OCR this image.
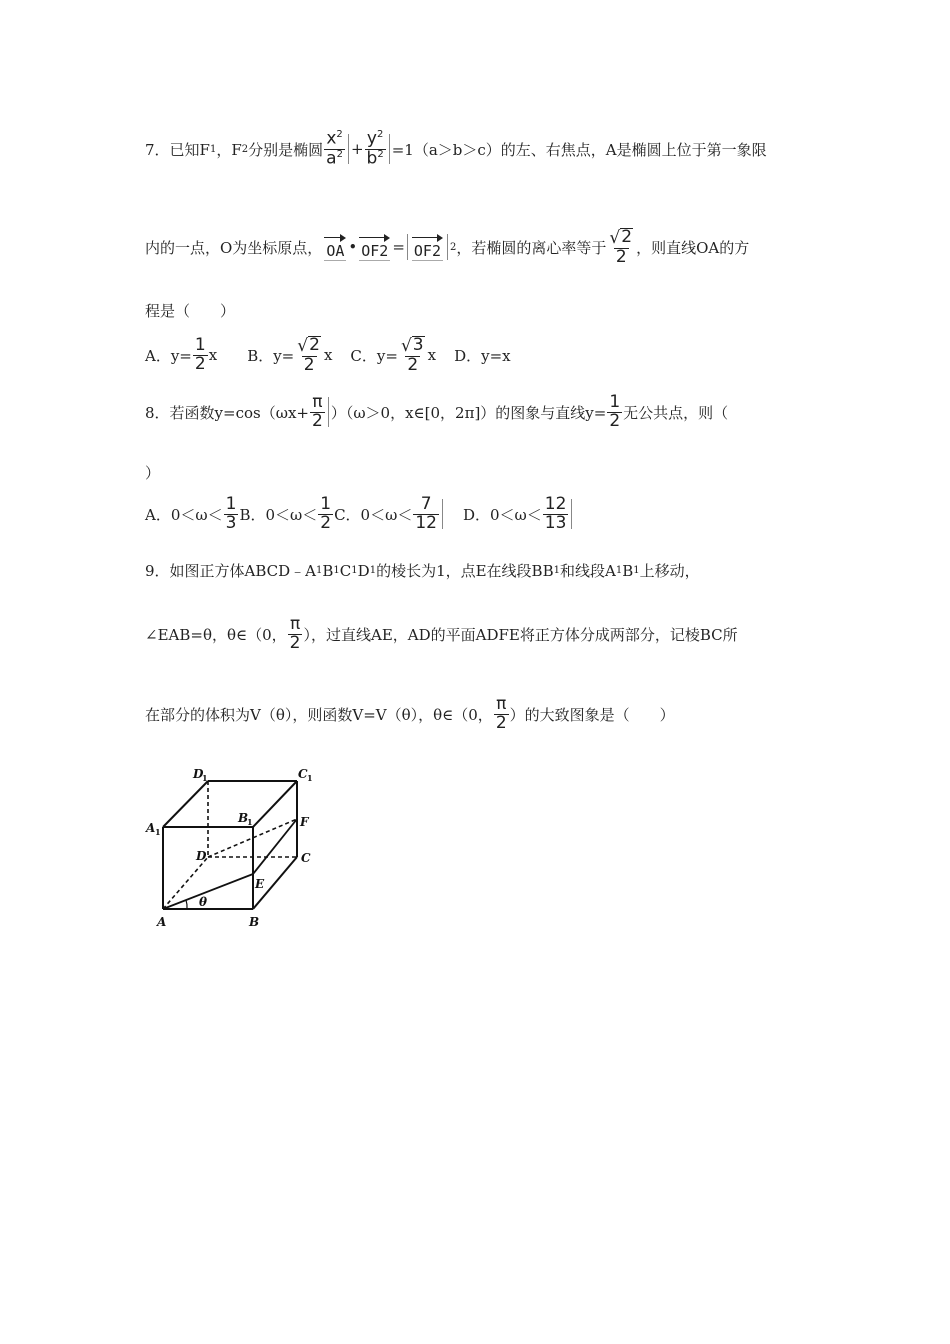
7． 已知F 1 ，F 2 分别是椭圆 $\frac{x^2}{a^2} + \frac{y^2}{b^2} =1(a>b>c)$的左、右焦点，A是椭圆上位于第一象限
内的一点，O为坐标原点， OA • OF2 = OF2 2 ，若椭圆的离心率等于 $\frac{√ 2}{2}$ ，则直线OA的方
程是（　　）
A．$y= \frac{1}{2}$ x B．$y= \frac{√ 2}{2}$ x C．$y= \frac{√ 3}{2}$ x D．y=x
8．若函数$y=\cos(\omega x+ \frac{\pi}{2} )(\omega>0$，x∈[0，2π]）的图象与直线$y= \frac{1}{2}$ 无公共点，则（
）
A．$0<\omega< \frac{1}{3}$ B．$0<\omega< \frac{1}{2}$ C．$0<\omega< \frac{7}{12}$ D．$0<\omega< \frac{12}{13}$
9．如图正方体ABCD﹣A 1 B 1 C 1 D 1 的棱长为1，点E在线段BB 1 和线段A 1 B 1 上移动，
∠EAB=θ，θ∈（0， $\frac{\pi}{2}$ ），过直线AE，AD的平面ADFE将正方体分成两部分，记棱BC所
在部分的体积为V（θ），则函数V=V（θ），θ∈（0， $\frac{\pi}{2}$ ）的大致图象是（　　）
A	B
C
D
E
F
A 1
B
1
C 1
D
1
θ
